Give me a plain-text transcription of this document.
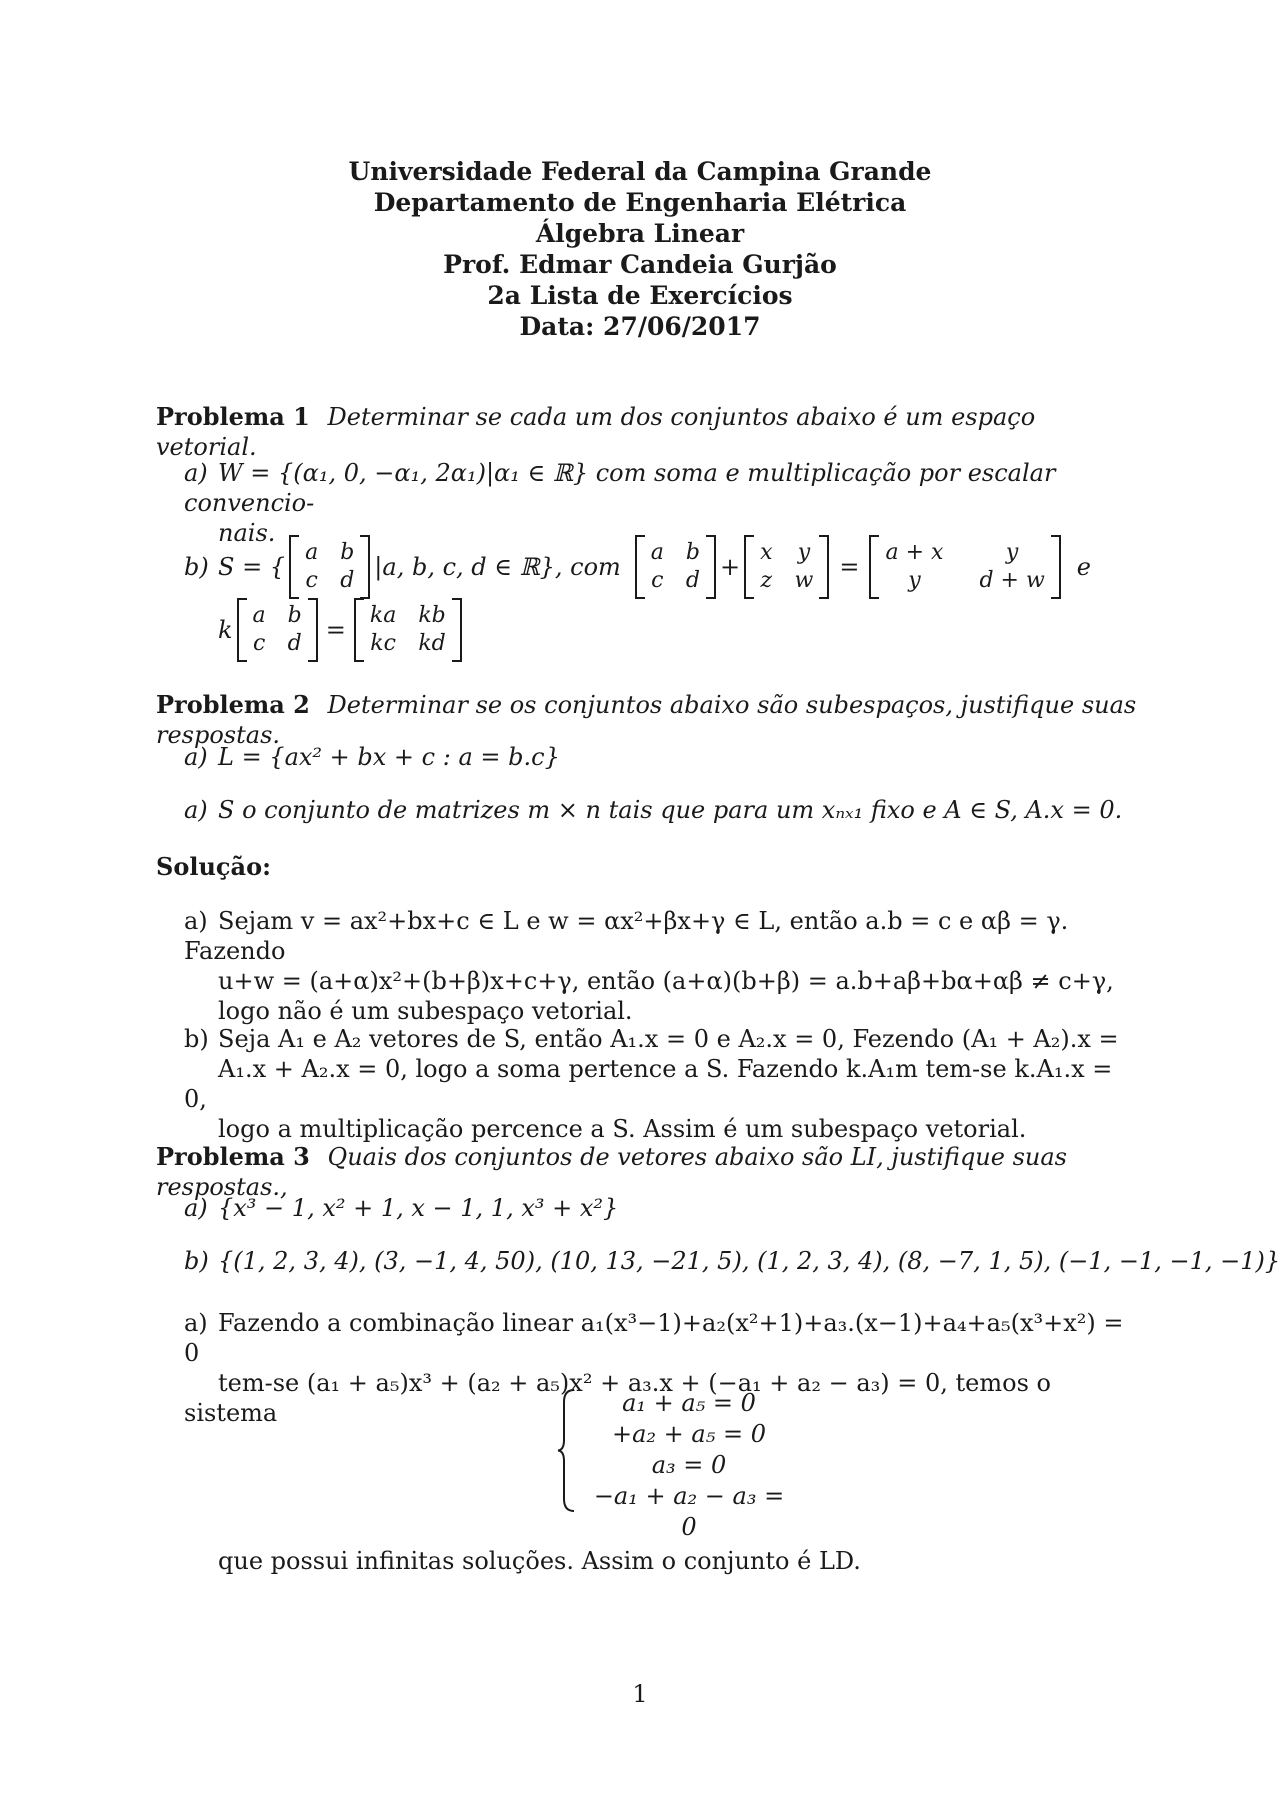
Universidade Federal da Campina Grande
Departamento de Engenharia Elétrica
Álgebra Linear
Prof. Edmar Candeia Gurjão
2a Lista de Exercícios
Data: 27/06/2017
Problema 1 Determinar se cada um dos conjuntos abaixo é um espaço vetorial.
a) W = {(α₁, 0, −α₁, 2α₁)|α₁ ∈ ℝ} com soma e multiplicação por escalar convencio-
nais.
b) S = {
a b
c d |a, b, c, d ∈ ℝ}, com
a b
c d +
x y
z w =
a + x	y
y	d + w e
k
a b
c d =
ka kb
kc kd
Problema 2 Determinar se os conjuntos abaixo são subespaços, justifique suas respostas.
a) L = {ax² + bx + c : a = b.c}
a) S o conjunto de matrizes m × n tais que para um xₙₓ₁ fixo e A ∈ S, A.x = 0.
Solução:
a) Sejam v = ax²+bx+c ∈ L e w = αx²+βx+γ ∈ L, então a.b = c e αβ = γ. Fazendo
u+w = (a+α)x²+(b+β)x+c+γ, então (a+α)(b+β) = a.b+aβ+bα+αβ ≠ c+γ,
logo não é um subespaço vetorial.
b) Seja A₁ e A₂ vetores de S, então A₁.x = 0 e A₂.x = 0, Fezendo (A₁ + A₂).x =
A₁.x + A₂.x = 0, logo a soma pertence a S. Fazendo k.A₁m tem-se k.A₁.x = 0,
logo a multiplicação percence a S. Assim é um subespaço vetorial.
Problema 3 Quais dos conjuntos de vetores abaixo são LI, justifique suas respostas.,
a) {x³ − 1, x² + 1, x − 1, 1, x³ + x²}
b) {(1, 2, 3, 4), (3, −1, 4, 50), (10, 13, −21, 5), (1, 2, 3, 4), (8, −7, 1, 5), (−1, −1, −1, −1)}
a) Fazendo a combinação linear a₁(x³−1)+a₂(x²+1)+a₃.(x−1)+a₄+a₅(x³+x²) = 0
tem-se (a₁ + a₅)x³ + (a₂ + a₅)x² + a₃.x + (−a₁ + a₂ − a₃) = 0, temos o sistema	a₁ + a₅ = 0
+a₂ + a₅ = 0
a₃ = 0
−a₁ + a₂ − a₃ = 0
que possui infinitas soluções. Assim o conjunto é LD.
1
